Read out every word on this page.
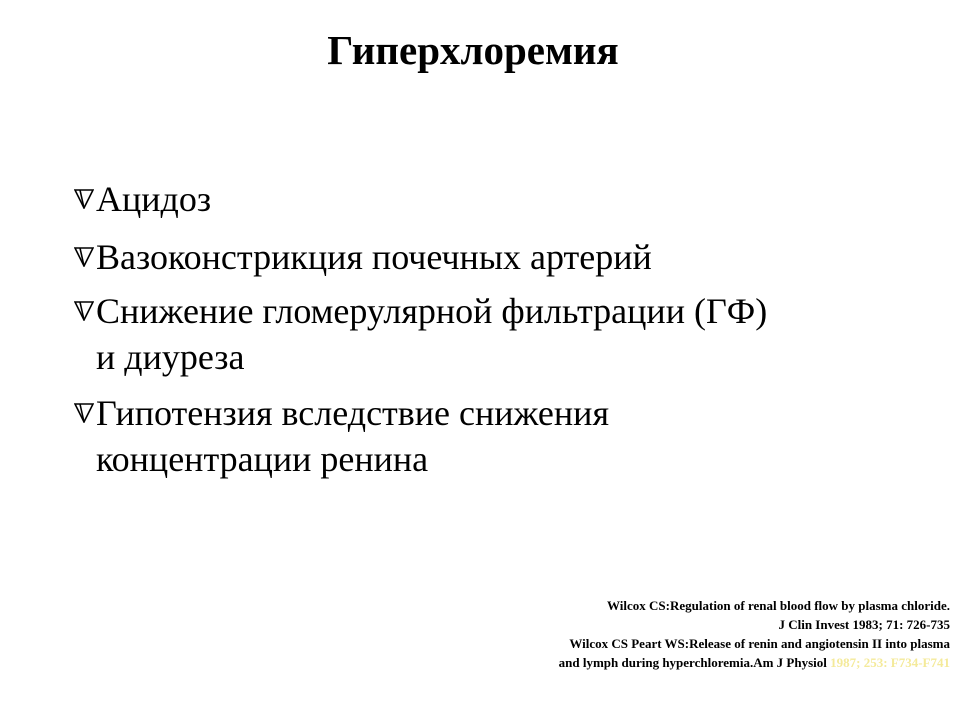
Гиперхлоремия
Ацидоз
Вазоконстрикция почечных артерий
Снижение гломерулярной фильтрации (ГФ)
и диуреза
Гипотензия вследствие снижения
концентрации ренина
Wilcox CS:Regulation of renal blood flow by plasma chloride.
J Clin Invest 1983; 71: 726-735
Wilcox CS Peart WS:Release of renin and angiotensin II into plasma
and lymph during hyperchloremia.Am J Physiol 1987; 253: F734-F741
